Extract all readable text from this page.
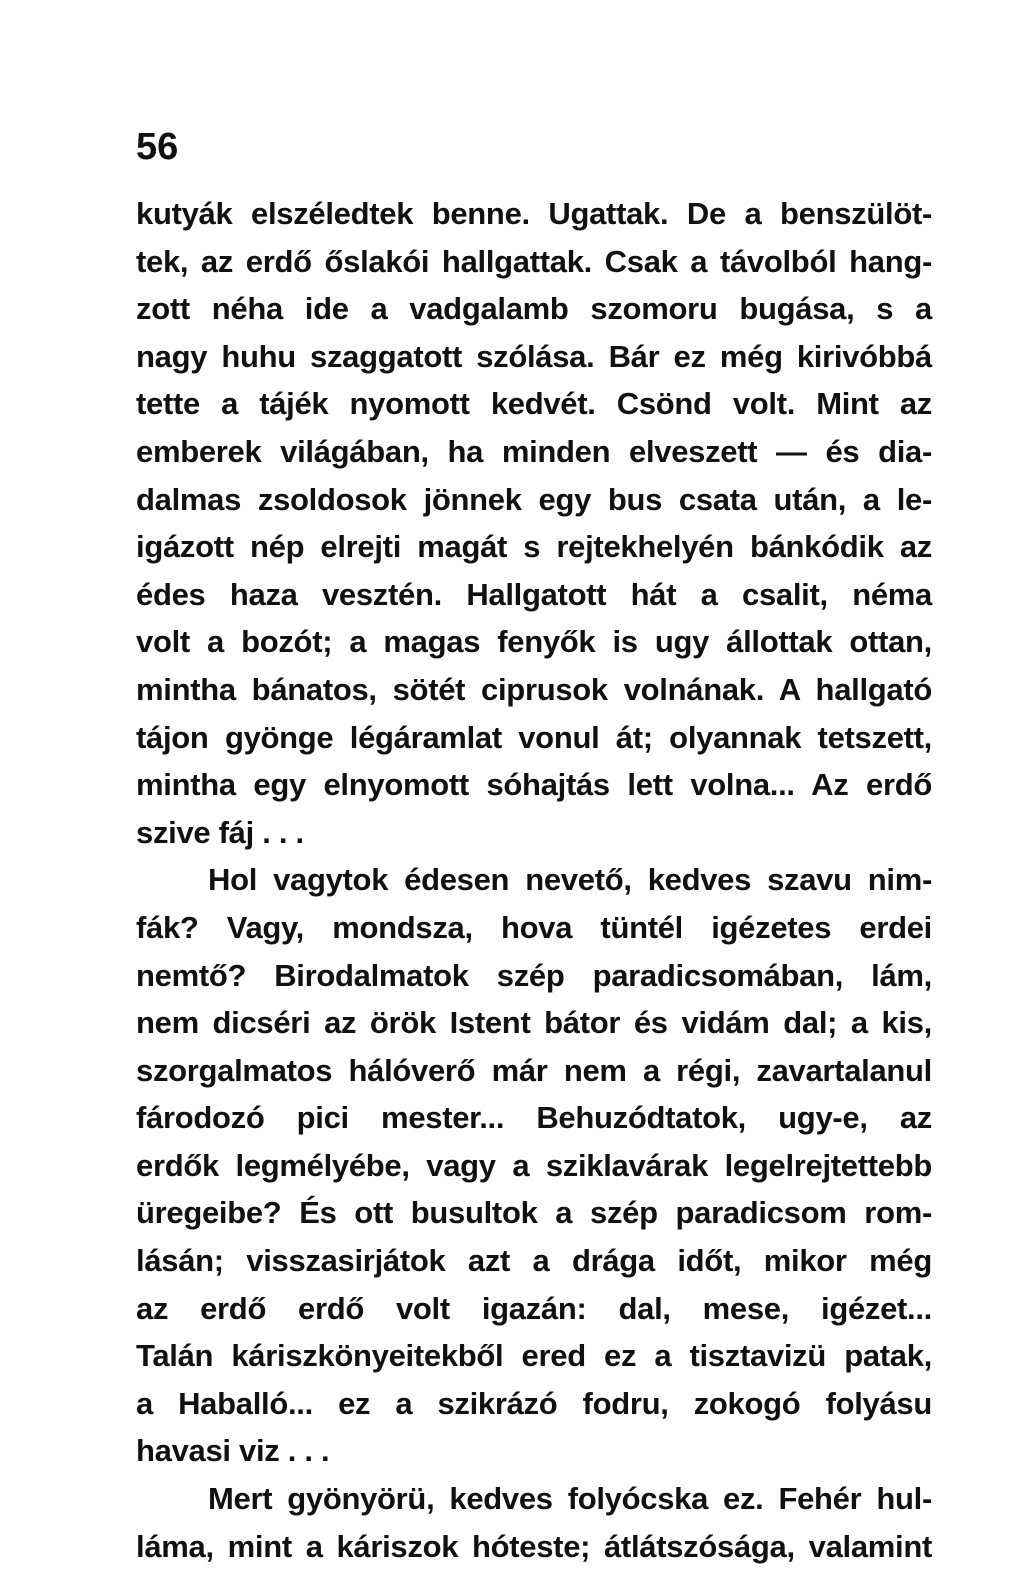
56
kutyák elszéledtek benne. Ugattak. De a benszülöt-
tek, az erdő őslakói hallgattak. Csak a távolból hang-
zott néha ide a vadgalamb szomoru bugása, s a
nagy huhu szaggatott szólása. Bár ez még kirivóbbá
tette a tájék nyomott kedvét. Csönd volt. Mint az
emberek világában, ha minden elveszett — és dia-
dalmas zsoldosok jönnek egy bus csata után, a le-
igázott nép elrejti magát s rejtekhelyén bánkódik az
édes haza vesztén. Hallgatott hát a csalit, néma
volt a bozót; a magas fenyők is ugy állottak ottan,
mintha bánatos, sötét ciprusok volnának. A hallgató
tájon gyönge légáramlat vonul át; olyannak tetszett,
mintha egy elnyomott sóhajtás lett volna... Az erdő
szive fáj . . .
Hol vagytok édesen nevető, kedves szavu nim-
fák? Vagy, mondsza, hova tüntél igézetes erdei
nemtő? Birodalmatok szép paradicsomában, lám,
nem dicséri az örök Istent bátor és vidám dal; a kis,
szorgalmatos hálóverő már nem a régi, zavartalanul
fárodozó pici mester... Behuzódtatok, ugy-e, az
erdők legmélyébe, vagy a sziklavárak legelrejtettebb
üregeibe? És ott busultok a szép paradicsom rom-
lásán; visszasirjátok azt a drága időt, mikor még
az erdő erdő volt igazán: dal, mese, igézet...
Talán káriszkönyeitekből ered ez a tisztavizü patak,
a Haballó... ez a szikrázó fodru, zokogó folyásu
havasi viz . . .
Mert gyönyörü, kedves folyócska ez. Fehér hul-
láma, mint a káriszok hóteste; átlátszósága, valamint
